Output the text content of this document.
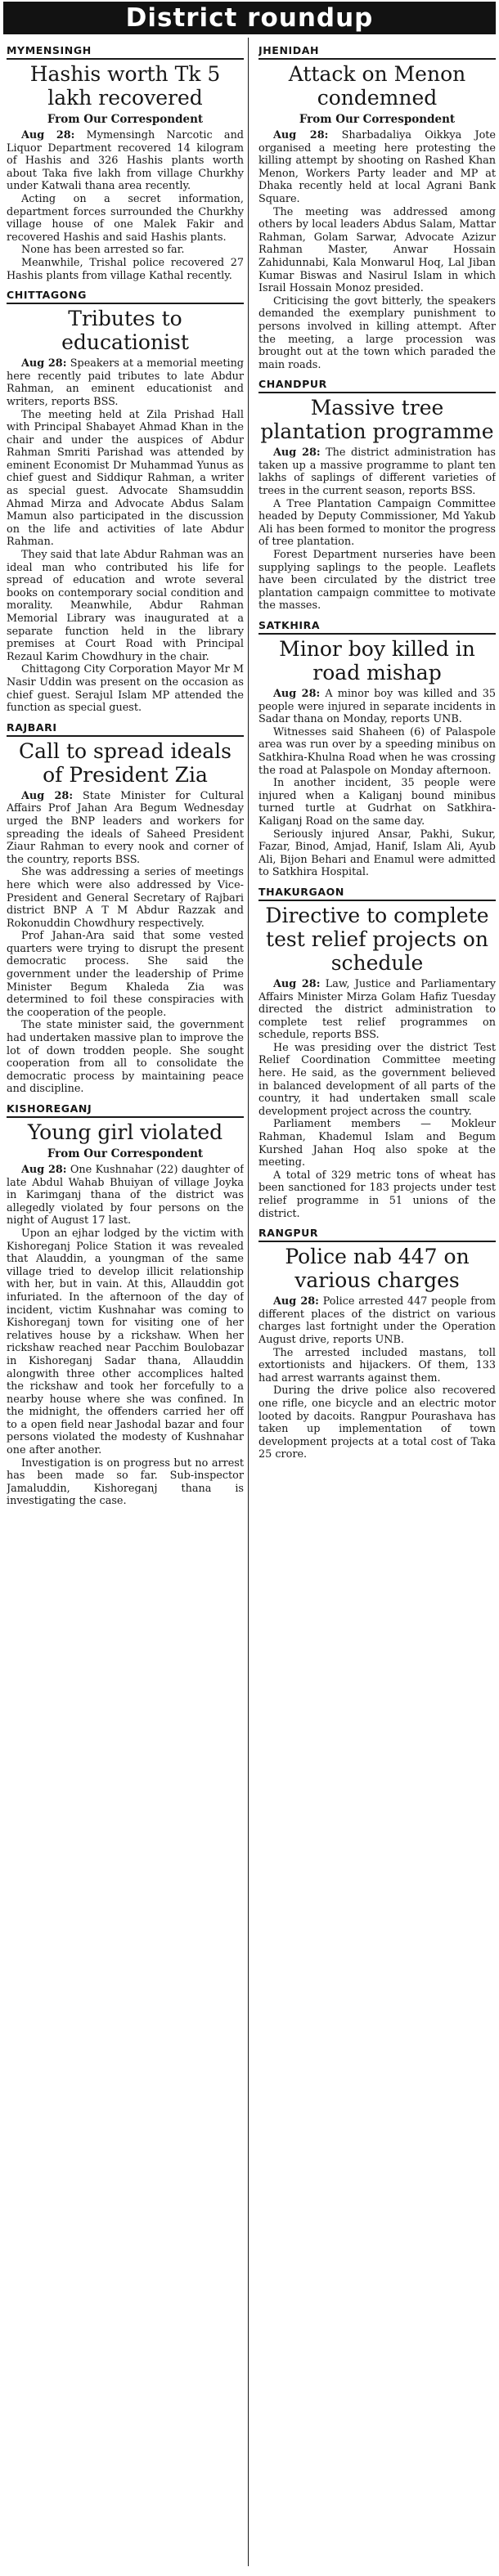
District roundup
MYMENSINGH
Hashis worth Tk 5 lakh recovered
From Our Correspondent

Aug 28: Mymensingh Narcotic and Liquor Department recovered 14 kilogram of Hashis and 326 Hashis plants worth about Taka five lakh from village Churkhy under Katwali thana area recently.

Acting on a secret information, department forces surrounded the Churkhy village house of one Malek Fakir and recovered Hashis and said Hashis plants.

None has been arrested so far.

Meanwhile, Trishal police recovered 27 Hashis plants from village Kathal recently.

CHITTAGONG
Tributes to educationist

Aug 28: Speakers at a memorial meeting here recently paid tributes to late Abdur Rahman, an eminent educationist and writers, reports BSS.

The meeting held at Zila Prishad Hall with Principal Shabayet Ahmad Khan in the chair and under the auspices of Abdur Rahman Smriti Parishad was attended by eminent Economist Dr Muhammad Yunus as chief guest and Siddiqur Rahman, a writer as special guest. Advocate Shamsuddin Ahmad Mirza and Advocate Abdus Salam Mamun also participated in the discussion on the life and activities of late Abdur Rahman.

They said that late Abdur Rahman was an ideal man who contributed his life for spread of education and wrote several books on contemporary social condition and morality. Meanwhile, Abdur Rahman Memorial Library was inaugurated at a separate function held in the library premises at Court Road with Principal Rezaul Karim Chowdhury in the chair.

Chittagong City Corporation Mayor Mr M Nasir Uddin was present on the occasion as chief guest. Serajul Islam MP attended the function as special guest.

RAJBARI
Call to spread ideals of President Zia

Aug 28: State Minister for Cultural Affairs Prof Jahan Ara Begum Wednesday urged the BNP leaders and workers for spreading the ideals of Saheed President Ziaur Rahman to every nook and corner of the country, reports BSS.

She was addressing a series of meetings here which were also addressed by Vice-President and General Secretary of Rajbari district BNP A T M Abdur Razzak and Rokonuddin Chowdhury respectively.

Prof Jahan-Ara said that some vested quarters were trying to disrupt the present democratic process. She said the government under the leadership of Prime Minister Begum Khaleda Zia was determined to foil these conspiracies with the cooperation of the people.

The state minister said, the government had undertaken massive plan to improve the lot of down trodden people. She sought cooperation from all to consolidate the democratic process by maintaining peace and discipline.

KISHOREGANJ
Young girl violated
From Our Correspondent

Aug 28: One Kushnahar (22) daughter of late Abdul Wahab Bhuiyan of village Joyka in Karimganj thana of the district was allegedly violated by four persons on the night of August 17 last.

Upon an ejhar lodged by the victim with Kishoreganj Police Station it was revealed that Alauddin, a youngman of the same village tried to develop illicit relationship with her, but in vain. At this, Allauddin got infuriated. In the afternoon of the day of incident, victim Kushnahar was coming to Kishoreganj town for visiting one of her relatives house by a rickshaw. When her rickshaw reached near Pacchim Boulobazar in Kishoreganj Sadar thana, Allauddin alongwith three other accomplices halted the rickshaw and took her forcefully to a nearby house where she was confined. In the midnight, the offenders carried her off to a open field near Jashodal bazar and four persons violated the modesty of Kushnahar one after another.

Investigation is on progress but no arrest has been made so far. Sub-inspector Jamaluddin, Kishoreganj thana is investigating the case.

JHENIDAH
Attack on Menon condemned
From Our Correspondent

Aug 28: Sharbadaliya Oikkya Jote organised a meeting here protesting the killing attempt by shooting on Rashed Khan Menon, Workers Party leader and MP at Dhaka recently held at local Agrani Bank Square.

The meeting was addressed among others by local leaders Abdus Salam, Mattar Rahman, Golam Sarwar, Advocate Azizur Rahman Master, Anwar Hossain Zahidunnabi, Kala Monwarul Hoq, Lal Jiban Kumar Biswas and Nasirul Islam in which Israil Hossain Monoz presided.

Criticising the govt bitterly, the speakers demanded the exemplary punishment to persons involved in killing attempt. After the meeting, a large procession was brought out at the town which paraded the main roads.

CHANDPUR
Massive tree plantation programme

Aug 28: The district administration has taken up a massive programme to plant ten lakhs of saplings of different varieties of trees in the current season, reports BSS.

A Tree Plantation Campaign Committee headed by Deputy Commissioner, Md Yakub Ali has been formed to monitor the progress of tree plantation.

Forest Department nurseries have been supplying saplings to the people. Leaflets have been circulated by the district tree plantation campaign committee to motivate the masses.

SATKHIRA
Minor boy killed in road mishap

Aug 28: A minor boy was killed and 35 people were injured in separate incidents in Sadar thana on Monday, reports UNB.

Witnesses said Shaheen (6) of Palaspole area was run over by a speeding minibus on Satkhira-Khulna Road when he was crossing the road at Palaspole on Monday afternoon.

In another incident, 35 people were injured when a Kaliganj bound minibus turned turtle at Gudrhat on Satkhira-Kaliganj Road on the same day.

Seriously injured Ansar, Pakhi, Sukur, Fazar, Binod, Amjad, Hanif, Islam Ali, Ayub Ali, Bijon Behari and Enamul were admitted to Satkhira Hospital.

THAKURGAON
Directive to complete test relief projects on schedule

Aug 28: Law, Justice and Parliamentary Affairs Minister Mirza Golam Hafiz Tuesday directed the district administration to complete test relief programmes on schedule, reports BSS.

He was presiding over the district Test Relief Coordination Committee meeting here. He said, as the government believed in balanced development of all parts of the country, it had undertaken small scale development project across the country.

Parliament members — Mokleur Rahman, Khademul Islam and Begum Kurshed Jahan Hoq also spoke at the meeting.

A total of 329 metric tons of wheat has been sanctioned for 183 projects under test relief programme in 51 unions of the district.

RANGPUR
Police nab 447 on various charges

Aug 28: Police arrested 447 people from different places of the district on various charges last fortnight under the Operation August drive, reports UNB.

The arrested included mastans, toll extortionists and hijackers. Of them, 133 had arrest warrants against them.

During the drive police also recovered one rifle, one bicycle and an electric motor looted by dacoits. Rangpur Pourashava has taken up implementation of town development projects at a total cost of Taka 25 crore.
